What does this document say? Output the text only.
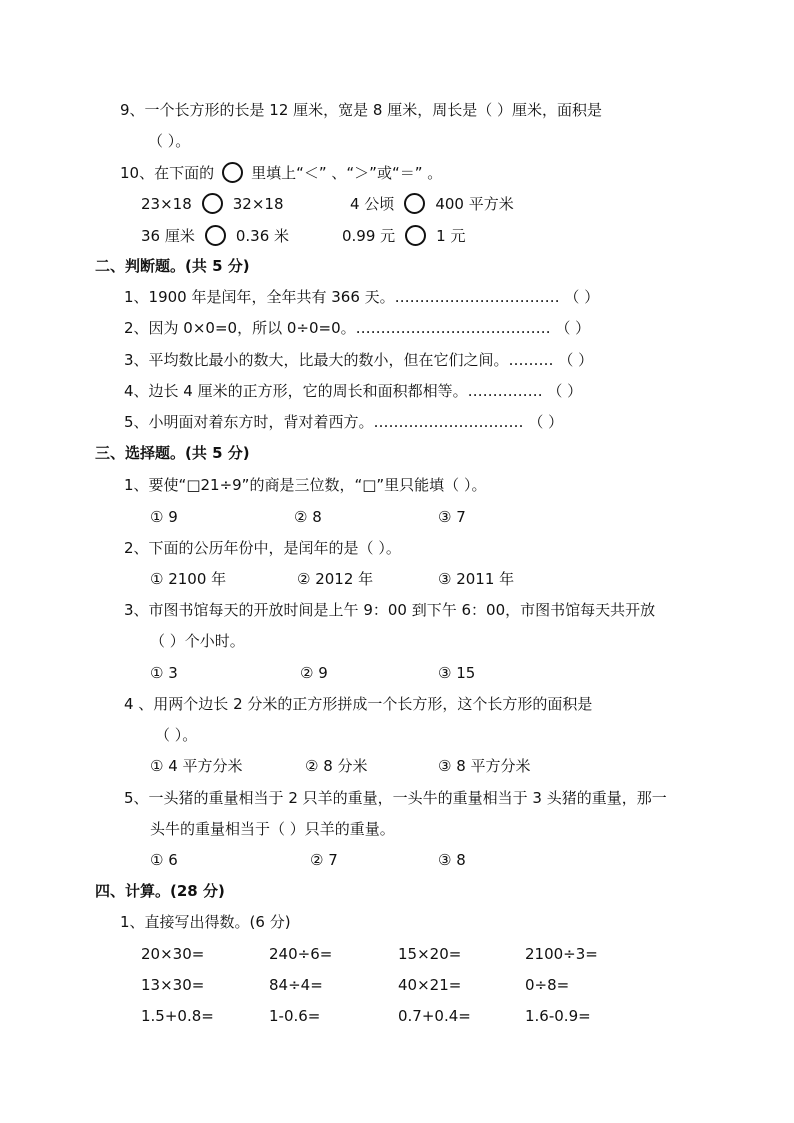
9、一个长方形的长是 12 厘米，宽是 8 厘米，周长是（ ）厘米，面积是
（ ）。
10、在下面的 里填上“＜” 、“＞”或“＝” 。
23×18	32×18	4 公顷	400 平方米
36 厘米	0.36 米	0.99 元	1 元
二、判断题。(共 5 分)
1、1900 年是闰年，全年共有 366 天。…………………………… （ ）
2、因为 0×0=0，所以 0÷0=0。………………………………… （ ）
3、平均数比最小的数大，比最大的数小，但在它们之间。……… （ ）
4、边长 4 厘米的正方形，它的周长和面积都相等。…………… （ ）
5、小明面对着东方时，背对着西方。………………………… （ ）
三、选择题。(共 5 分)
1、要使“□21÷9”的商是三位数，“□”里只能填（ ）。
① 9	② 8	③ 7
2、下面的公历年份中，是闰年的是（ ）。
① 2100 年	② 2012 年	③ 2011 年
3、市图书馆每天的开放时间是上午 9：00 到下午 6：00，市图书馆每天共开放
（ ）个小时。
① 3	② 9	③ 15
4 、用两个边长 2 分米的正方形拼成一个长方形，这个长方形的面积是
（ ）。
① 4 平方分米	② 8 分米	③ 8 平方分米
5、一头猪的重量相当于 2 只羊的重量，一头牛的重量相当于 3 头猪的重量，那一
头牛的重量相当于（ ）只羊的重量。
① 6	② 7	③ 8
四、计算。(28 分)
1、直接写出得数。(6 分)
20×30=	240÷6=	15×20=	2100÷3=
13×30=	84÷4=	40×21=	0÷8=
1.5+0.8=	1-0.6=	0.7+0.4=	1.6-0.9=
